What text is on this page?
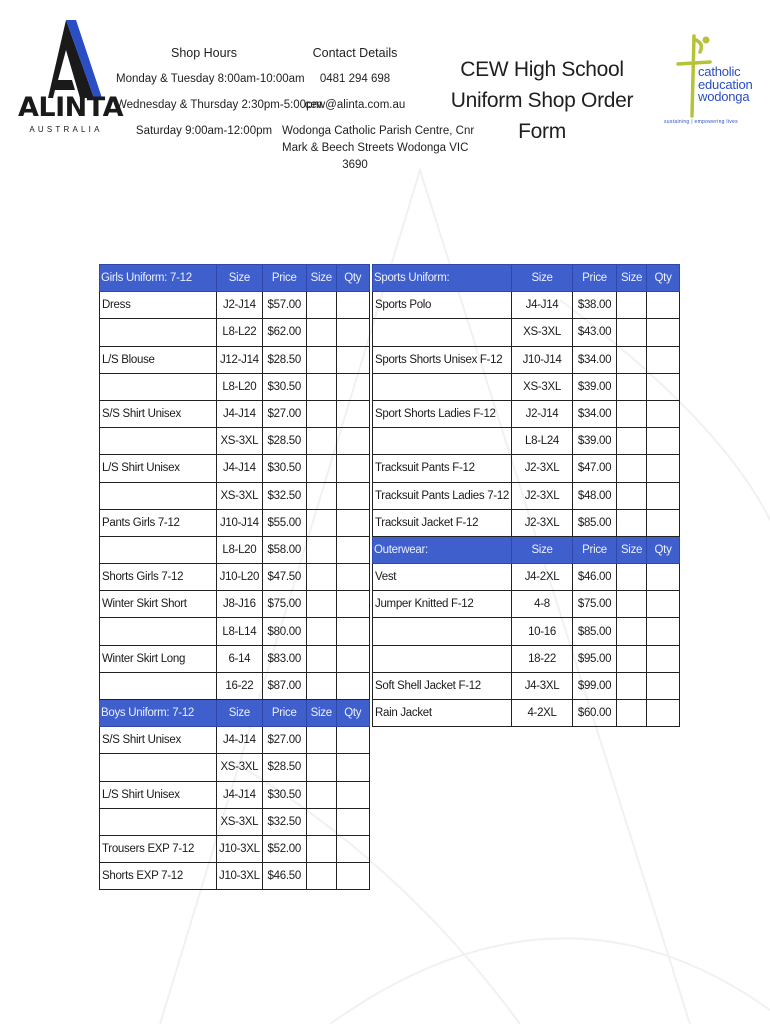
ALINTA
AUSTRALIA
Shop Hours
Monday & Tuesday 8:00am-10:00am
Wednesday & Thursday 2:30pm-5:00pm
Saturday 9:00am-12:00pm
Contact Details
0481 294 698
cew@alinta.com.au
Wodonga Catholic Parish Centre, Cnr
Mark & Beech Streets Wodonga VIC
3690
CEW High School
Uniform Shop Order Form
catholic
education
wodonga
sustaining | empowering lives
Girls Uniform: 7-12	Size	Price	Size	Qty
Dress	J2-J14	$57.00		
	L8-L22	$62.00		
L/S Blouse	J12-J14	$28.50		
	L8-L20	$30.50		
S/S Shirt Unisex	J4-J14	$27.00		
	XS-3XL	$28.50		
L/S Shirt Unisex	J4-J14	$30.50		
	XS-3XL	$32.50		
Pants Girls 7-12	J10-J14	$55.00		
	L8-L20	$58.00		
Shorts Girls 7-12	J10-L20	$47.50		
Winter Skirt Short	J8-J16	$75.00		
	L8-L14	$80.00		
Winter Skirt Long	6-14	$83.00		
	16-22	$87.00		
Boys Uniform: 7-12	Size	Price	Size	Qty
S/S Shirt Unisex	J4-J14	$27.00		
	XS-3XL	$28.50		
L/S Shirt Unisex	J4-J14	$30.50		
	XS-3XL	$32.50		
Trousers EXP 7-12	J10-3XL	$52.00		
Shorts EXP 7-12	J10-3XL	$46.50		
Sports Uniform:	Size	Price	Size	Qty
Sports Polo	J4-J14	$38.00		
	XS-3XL	$43.00		
Sports Shorts Unisex F-12	J10-J14	$34.00		
	XS-3XL	$39.00		
Sport Shorts Ladies F-12	J2-J14	$34.00		
	L8-L24	$39.00		
Tracksuit Pants F-12	J2-3XL	$47.00		
Tracksuit Pants Ladies 7-12	J2-3XL	$48.00		
Tracksuit Jacket F-12	J2-3XL	$85.00		
Outerwear:	Size	Price	Size	Qty
Vest	J4-2XL	$46.00		
Jumper Knitted F-12	4-8	$75.00		
	10-16	$85.00		
	18-22	$95.00		
Soft Shell Jacket F-12	J4-3XL	$99.00		
Rain Jacket	4-2XL	$60.00		
